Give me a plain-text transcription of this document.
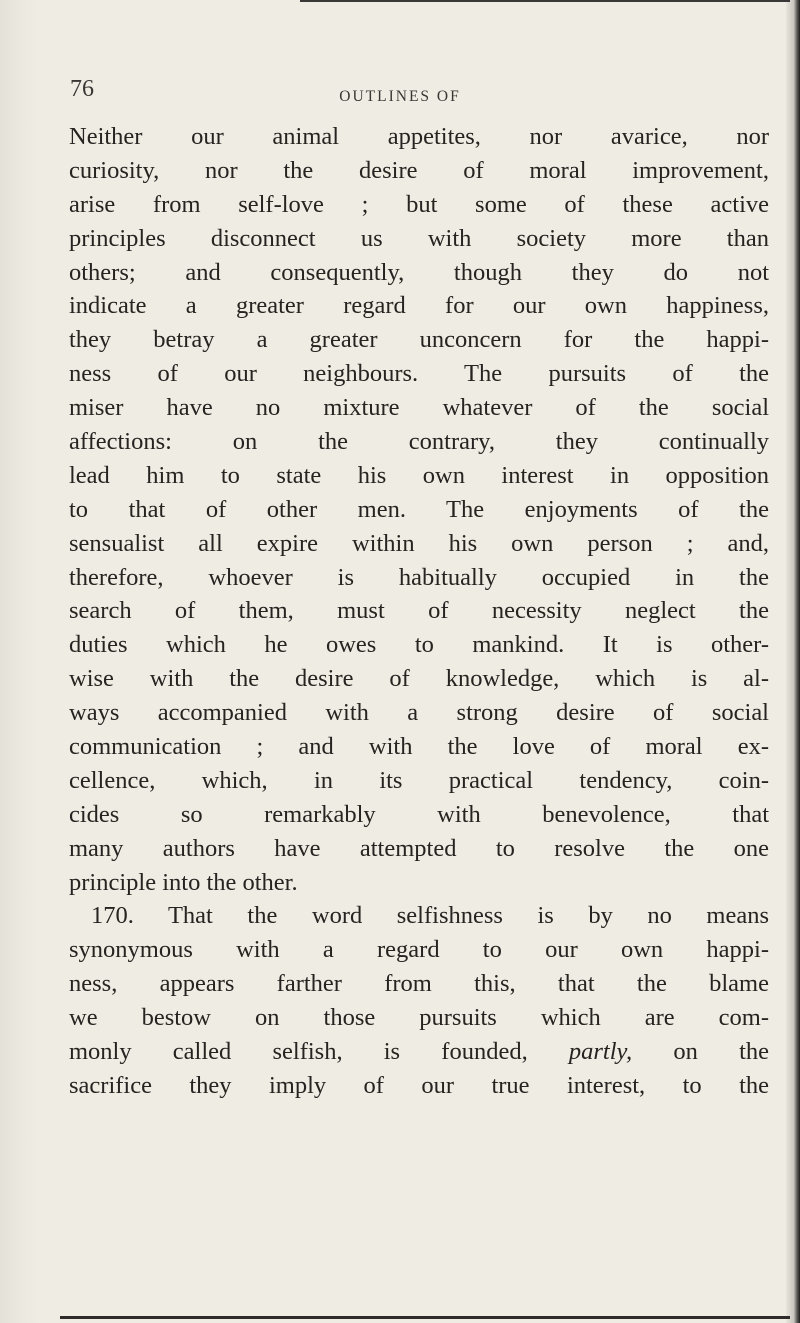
76	OUTLINES OF
Neither our animal appetites, nor avarice, nor
curiosity, nor the desire of moral improvement,
arise from self-love ; but some of these active
principles disconnect us with society more than
others; and consequently, though they do not
indicate a greater regard for our own happiness,
they betray a greater unconcern for the happi-
ness of our neighbours. The pursuits of the
miser have no mixture whatever of the social
affections: on the contrary, they continually
lead him to state his own interest in opposition
to that of other men. The enjoyments of the
sensualist all expire within his own person ; and,
therefore, whoever is habitually occupied in the
search of them, must of necessity neglect the
duties which he owes to mankind. It is other-
wise with the desire of knowledge, which is al-
ways accompanied with a strong desire of social
communication ; and with the love of moral ex-
cellence, which, in its practical tendency, coin-
cides so remarkably with benevolence, that
many authors have attempted to resolve the one
principle into the other.
170. That the word selfishness is by no means
synonymous with a regard to our own happi-
ness, appears farther from this, that the blame
we bestow on those pursuits which are com-
monly called selfish, is founded, partly, on the
sacrifice they imply of our true interest, to the
